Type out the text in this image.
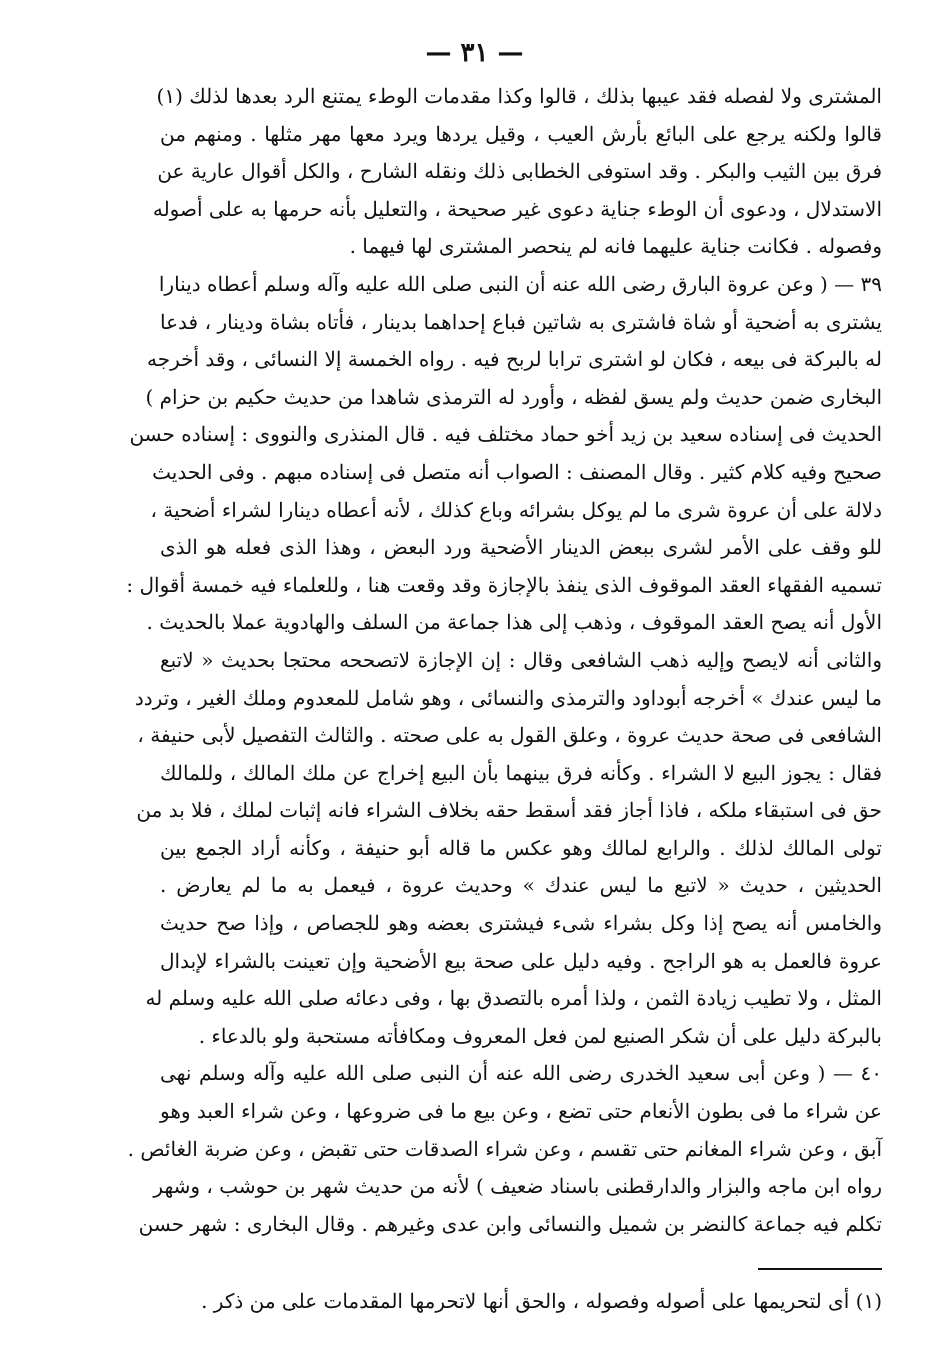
— ٣١ —
المشترى ولا لفصله فقد عيبها بذلك ، قالوا وكذا مقدمات الوطء يمتنع الرد بعدها لذلك (١)
قالوا ولكنه يرجع على البائع بأرش العيب ، وقيل يردها ويرد معها مهر مثلها . ومنهم من
فرق بين الثيب والبكر . وقد استوفى الخطابى ذلك ونقله الشارح ، والكل أقوال عارية عن
الاستدلال ، ودعوى أن الوطء جناية دعوى غير صحيحة ، والتعليل بأنه حرمها به على أصوله
وفصوله . فكانت جناية عليهما فانه لم ينحصر المشترى لها فيهما .
٣٩ — ( وعن عروة البارق رضى الله عنه أن النبى صلى الله عليه وآله وسلم أعطاه دينارا
يشترى به أضحية أو شاة فاشترى به شاتين فباع إحداهما بدينار ، فأتاه بشاة ودينار ، فدعا
له بالبركة فى بيعه ، فكان لو اشترى ترابا لربح فيه . رواه الخمسة إلا النسائى ، وقد أخرجه
البخارى ضمن حديث ولم يسق لفظه ، وأورد له الترمذى شاهدا من حديث حكيم بن حزام )
الحديث فى إسناده سعيد بن زيد أخو حماد مختلف فيه . قال المنذرى والنووى : إسناده حسن
صحيح وفيه كلام كثير . وقال المصنف : الصواب أنه متصل فى إسناده مبهم . وفى الحديث
دلالة على أن عروة شرى ما لم يوكل بشرائه وباع كذلك ، لأنه أعطاه دينارا لشراء أضحية ،
للو وقف على الأمر لشرى ببعض الدينار الأضحية ورد البعض ، وهذا الذى فعله هو الذى
تسميه الفقهاء العقد الموقوف الذى ينفذ بالإجازة وقد وقعت هنا ، وللعلماء فيه خمسة أقوال :
الأول أنه يصح العقد الموقوف ، وذهب إلى هذا جماعة من السلف والهادوية عملا بالحديث .
والثانى أنه لايصح وإليه ذهب الشافعى وقال : إن الإجازة لاتصححه محتجا بحديث « لاتبع
ما ليس عندك » أخرجه أبوداود والترمذى والنسائى ، وهو شامل للمعدوم وملك الغير ، وتردد
الشافعى فى صحة حديث عروة ، وعلق القول به على صحته . والثالث التفصيل لأبى حنيفة ،
فقال : يجوز البيع لا الشراء . وكأنه فرق بينهما بأن البيع إخراج عن ملك المالك ، وللمالك
حق فى استبقاء ملكه ، فاذا أجاز فقد أسقط حقه بخلاف الشراء فانه إثبات لملك ، فلا بد من
تولى المالك لذلك . والرابع لمالك وهو عكس ما قاله أبو حنيفة ، وكأنه أراد الجمع بين
الحديثين ، حديث « لاتبع ما ليس عندك » وحديث عروة ، فيعمل به ما لم يعارض .
والخامس أنه يصح إذا وكل بشراء شىء فيشترى بعضه وهو للجصاص ، وإذا صح حديث
عروة فالعمل به هو الراجح . وفيه دليل على صحة بيع الأضحية وإن تعينت بالشراء لإبدال
المثل ، ولا تطيب زيادة الثمن ، ولذا أمره بالتصدق بها ، وفى دعائه صلى الله عليه وسلم له
بالبركة دليل على أن شكر الصنيع لمن فعل المعروف ومكافأته مستحبة ولو بالدعاء .
٤٠ — ( وعن أبى سعيد الخدرى رضى الله عنه أن النبى صلى الله عليه وآله وسلم نهى
عن شراء ما فى بطون الأنعام حتى تضع ، وعن بيع ما فى ضروعها ، وعن شراء العبد وهو
آبق ، وعن شراء المغانم حتى تقسم ، وعن شراء الصدقات حتى تقبض ، وعن ضربة الغائص .
رواه ابن ماجه والبزار والدارقطنى باسناد ضعيف ) لأنه من حديث شهر بن حوشب ، وشهر
تكلم فيه جماعة كالنضر بن شميل والنسائى وابن عدى وغيرهم . وقال البخارى : شهر حسن
(١) أى لتحريمها على أصوله وفصوله ، والحق أنها لاتحرمها المقدمات على من ذكر .
